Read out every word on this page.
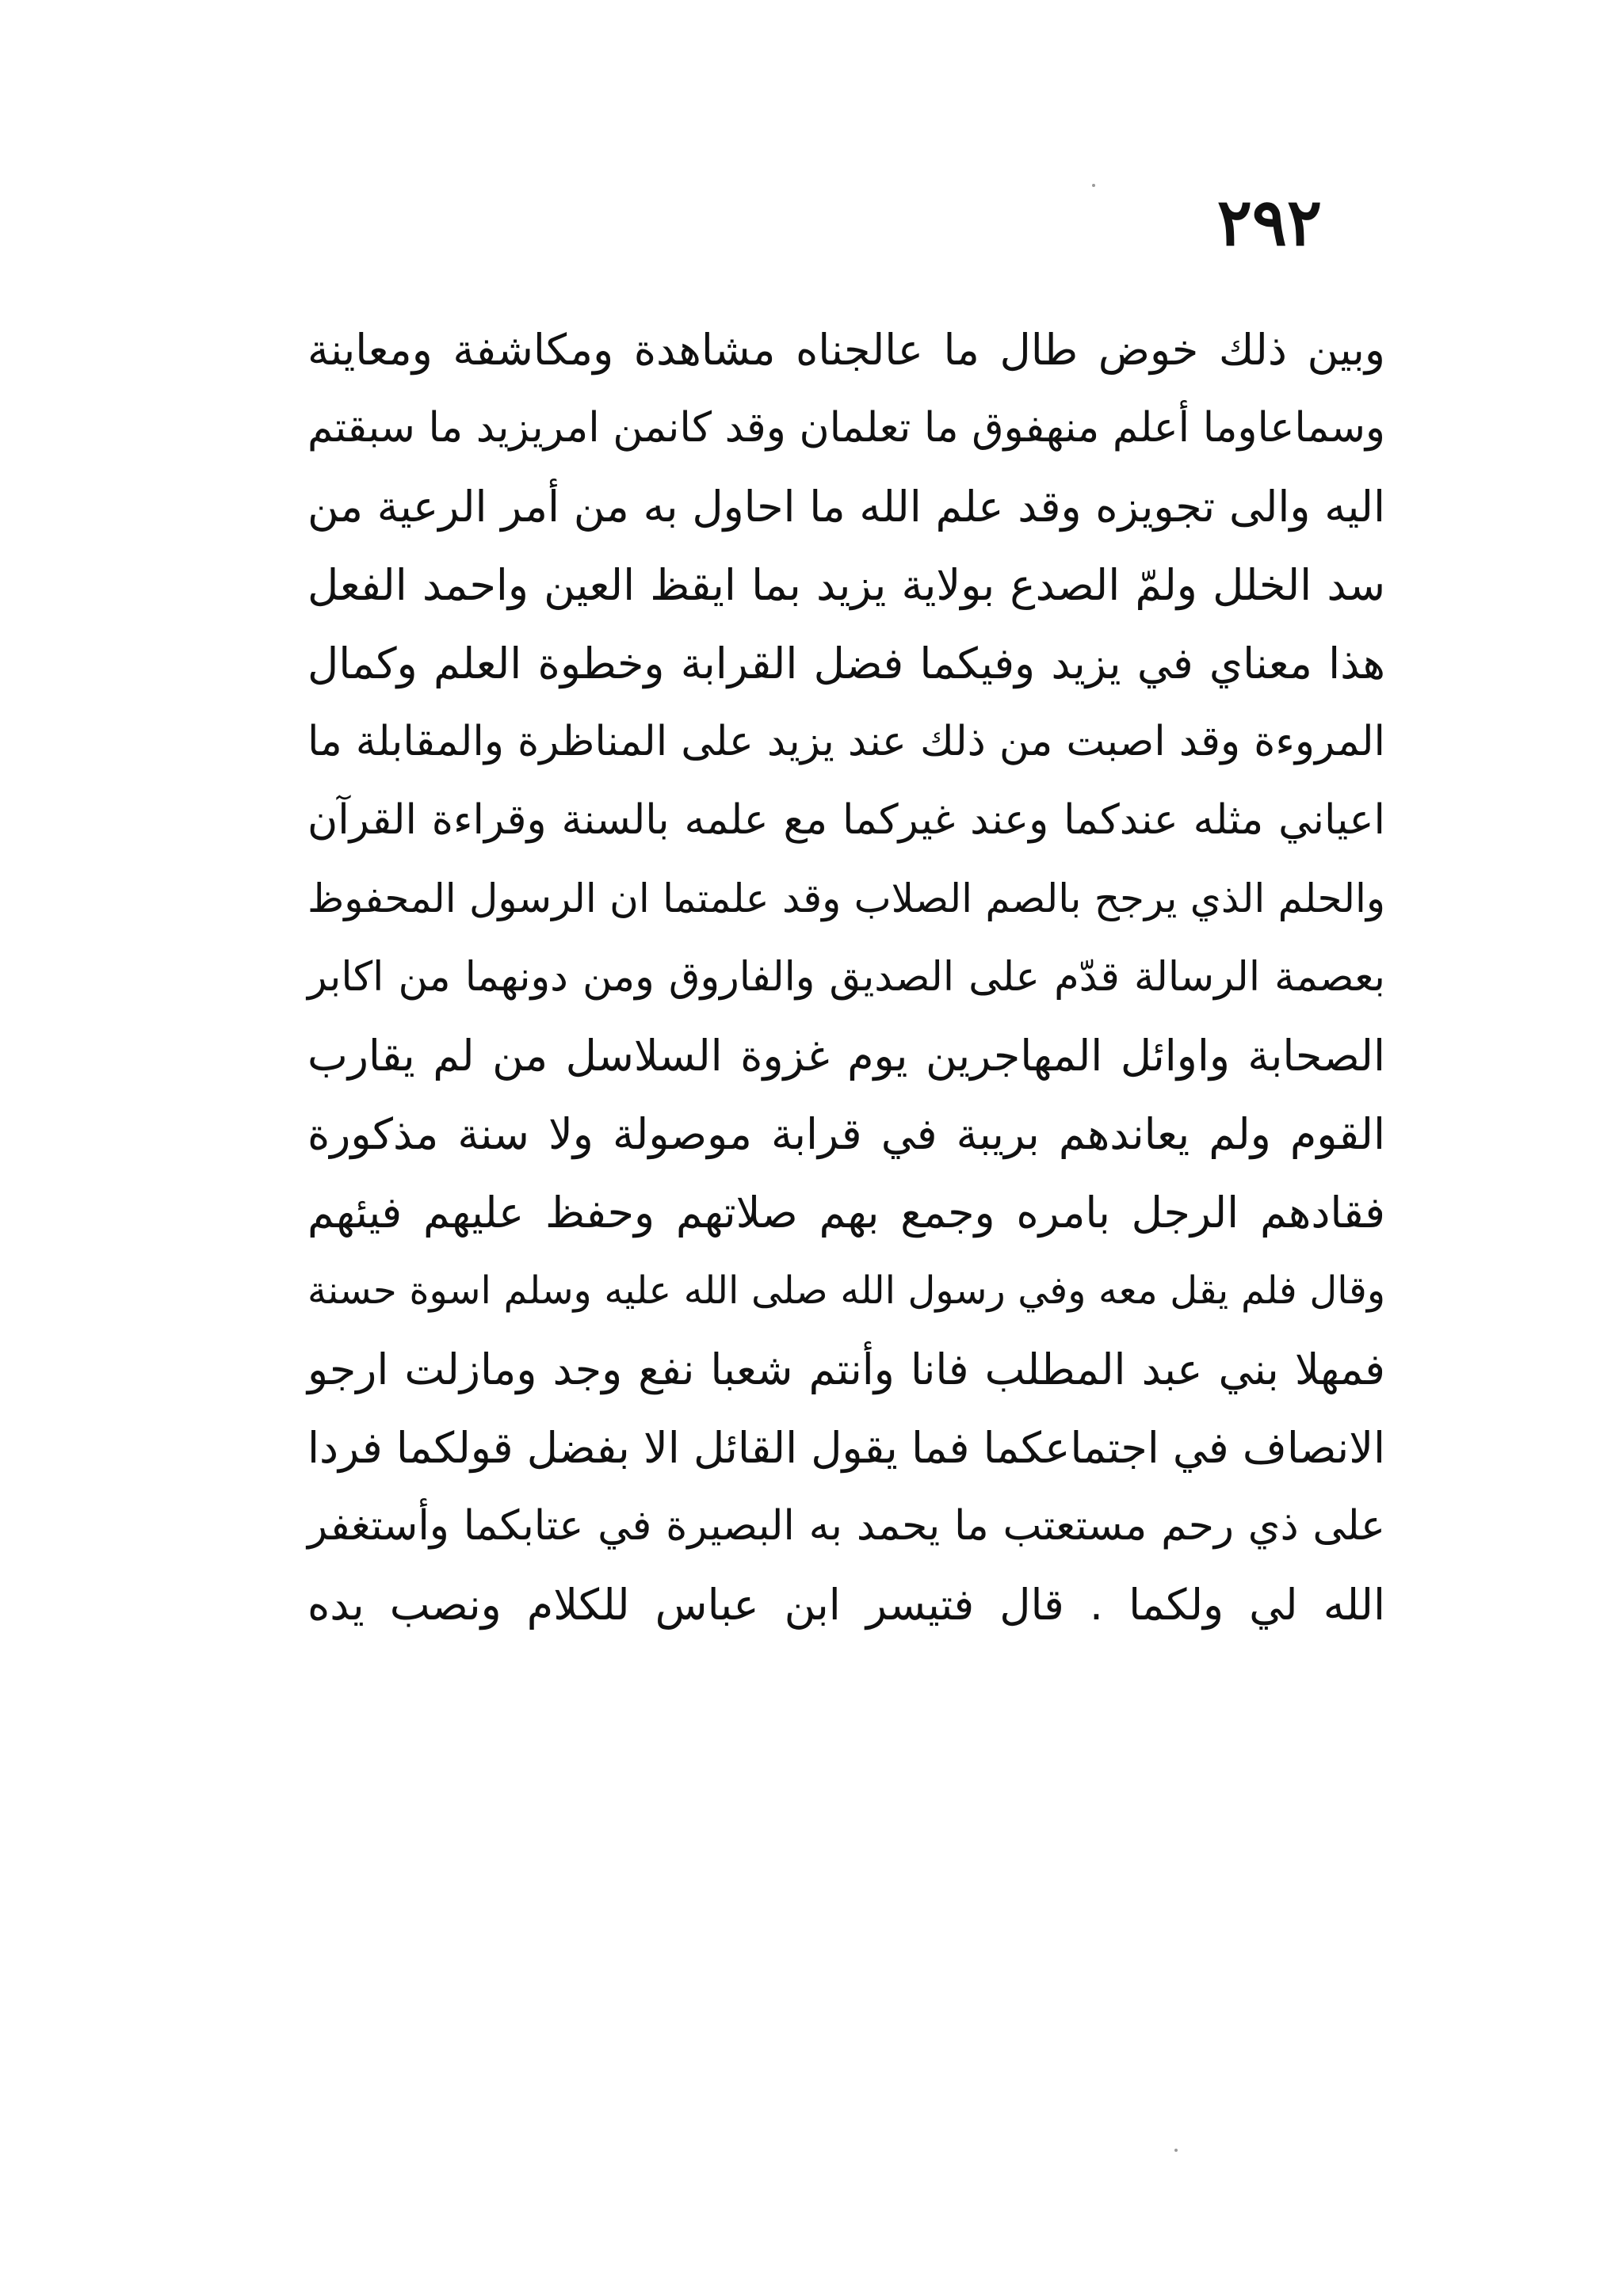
٢٩٢
وبين ذلك خوض طال ما عالجناه مشاهدة ومكاشفة ومعاينة
وسماعاوما أعلم منهفوق ما تعلمان وقد كانمن امريزيد ما سبقتم
اليه والى تجويزه وقد علم الله ما احاول به من أمر الرعية من
سد الخلل ولمّ الصدع بولاية يزيد بما ايقظ العين واحمد الفعل
هذا معناي في يزيد وفيكما فضل القرابة وخطوة العلم وكمال
المروءة وقد اصبت من ذلك عند يزيد على المناظرة والمقابلة ما
اعياني مثله عندكما وعند غيركما مع علمه بالسنة وقراءة القرآن
والحلم الذي يرجح بالصم الصلاب وقد علمتما ان الرسول المحفوظ
بعصمة الرسالة قدّم على الصديق والفاروق ومن دونهما من اكابر
الصحابة واوائل المهاجرين يوم غزوة السلاسل من لم يقارب
القوم ولم يعاندهم بريبة في قرابة موصولة ولا سنة مذكورة
فقادهم الرجل بامره وجمع بهم صلاتهم وحفظ عليهم فيئهم
وقال فلم يقل معه وفي رسول الله صلى الله عليه وسلم اسوة حسنة
فمهلا بني عبد المطلب فانا وأنتم شعبا نفع وجد ومازلت ارجو
الانصاف في اجتماعكما فما يقول القائل الا بفضل قولكما فردا
على ذي رحم مستعتب ما يحمد به البصيرة في عتابكما وأستغفر
الله لي ولكما . قال فتيسر ابن عباس للكلام ونصب يده
